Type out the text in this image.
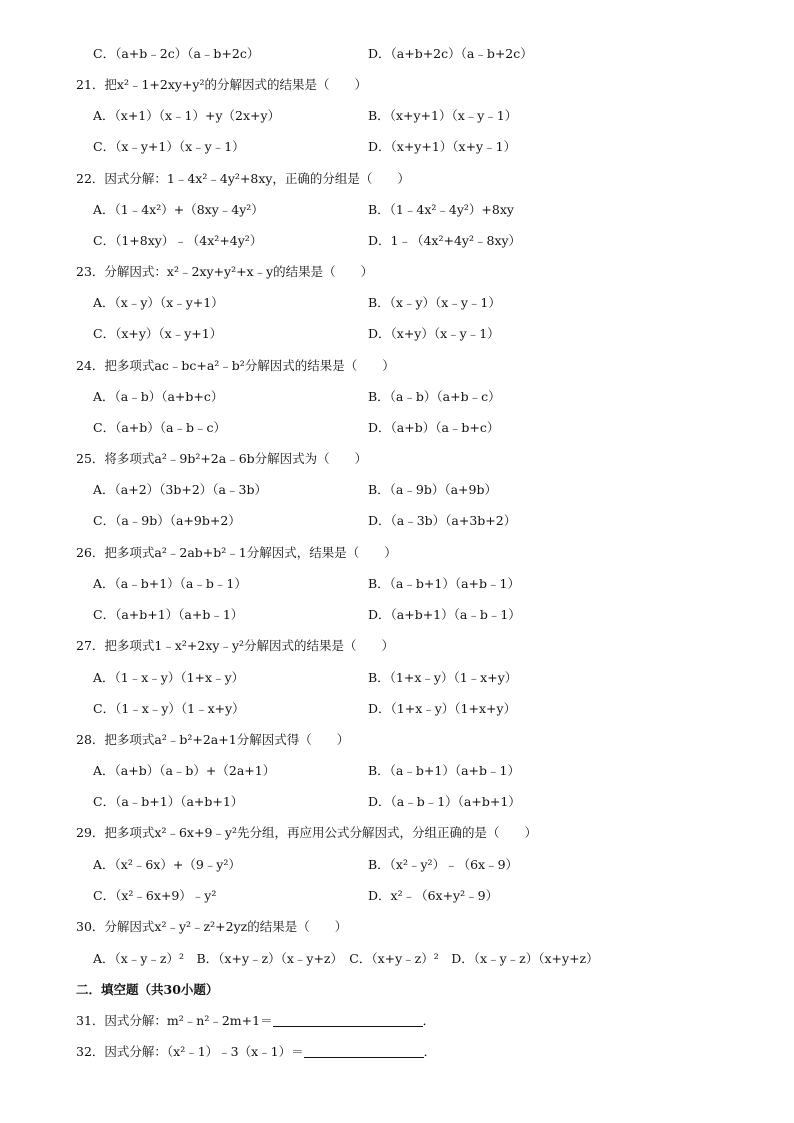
C．（a+b﹣2c）（a﹣b+2c）	D．（a+b+2c）（a﹣b+2c）
21．把x²﹣1+2xy+y²的分解因式的结果是（　　）
A．（x+1）（x﹣1）+y（2x+y）	B．（x+y+1）（x﹣y﹣1）
C．（x﹣y+1）（x﹣y﹣1）	D．（x+y+1）（x+y﹣1）
22．因式分解：1﹣4x²﹣4y²+8xy，正确的分组是（　　）
A．（1﹣4x²）+（8xy﹣4y²）	B．（1﹣4x²﹣4y²）+8xy
C．（1+8xy）﹣（4x²+4y²）	D．1﹣（4x²+4y²﹣8xy）
23．分解因式：x²﹣2xy+y²+x﹣y的结果是（　　）
A．（x﹣y）（x﹣y+1）	B．（x﹣y）（x﹣y﹣1）
C．（x+y）（x﹣y+1）	D．（x+y）（x﹣y﹣1）
24．把多项式ac﹣bc+a²﹣b²分解因式的结果是（　　）
A．（a﹣b）（a+b+c）	B．（a﹣b）（a+b﹣c）
C．（a+b）（a﹣b﹣c）	D．（a+b）（a﹣b+c）
25．将多项式a²﹣9b²+2a﹣6b分解因式为（　　）
A．（a+2）（3b+2）（a﹣3b）	B．（a﹣9b）（a+9b）
C．（a﹣9b）（a+9b+2）	D．（a﹣3b）（a+3b+2）
26．把多项式a²﹣2ab+b²﹣1分解因式，结果是（　　）
A．（a﹣b+1）（a﹣b﹣1）	B．（a﹣b+1）（a+b﹣1）
C．（a+b+1）（a+b﹣1）	D．（a+b+1）（a﹣b﹣1）
27．把多项式1﹣x²+2xy﹣y²分解因式的结果是（　　）
A．（1﹣x﹣y）（1+x﹣y）	B．（1+x﹣y）（1﹣x+y）
C．（1﹣x﹣y）（1﹣x+y）	D．（1+x﹣y）（1+x+y）
28．把多项式a²﹣b²+2a+1分解因式得（　　）
A．（a+b）（a﹣b）+（2a+1）	B．（a﹣b+1）（a+b﹣1）
C．（a﹣b+1）（a+b+1）	D．（a﹣b﹣1）（a+b+1）
29．把多项式x²﹣6x+9﹣y²先分组，再应用公式分解因式，分组正确的是（　　）
A．（x²﹣6x）+（9﹣y²）	B．（x²﹣y²）﹣（6x﹣9）
C．（x²﹣6x+9）﹣y²	D．x²﹣（6x+y²﹣9）
30．分解因式x²﹣y²﹣z²+2yz的结果是（　　）
A．（x﹣y﹣z）²　B．（x+y﹣z）（x﹣y+z）　C．（x+y﹣z）²　D．（x﹣y﹣z）（x+y+z）
二．填空题（共30小题）
31．因式分解：m²﹣n²﹣2m+1＝	．
32．因式分解：（x²﹣1）﹣3（x﹣1）＝	．
